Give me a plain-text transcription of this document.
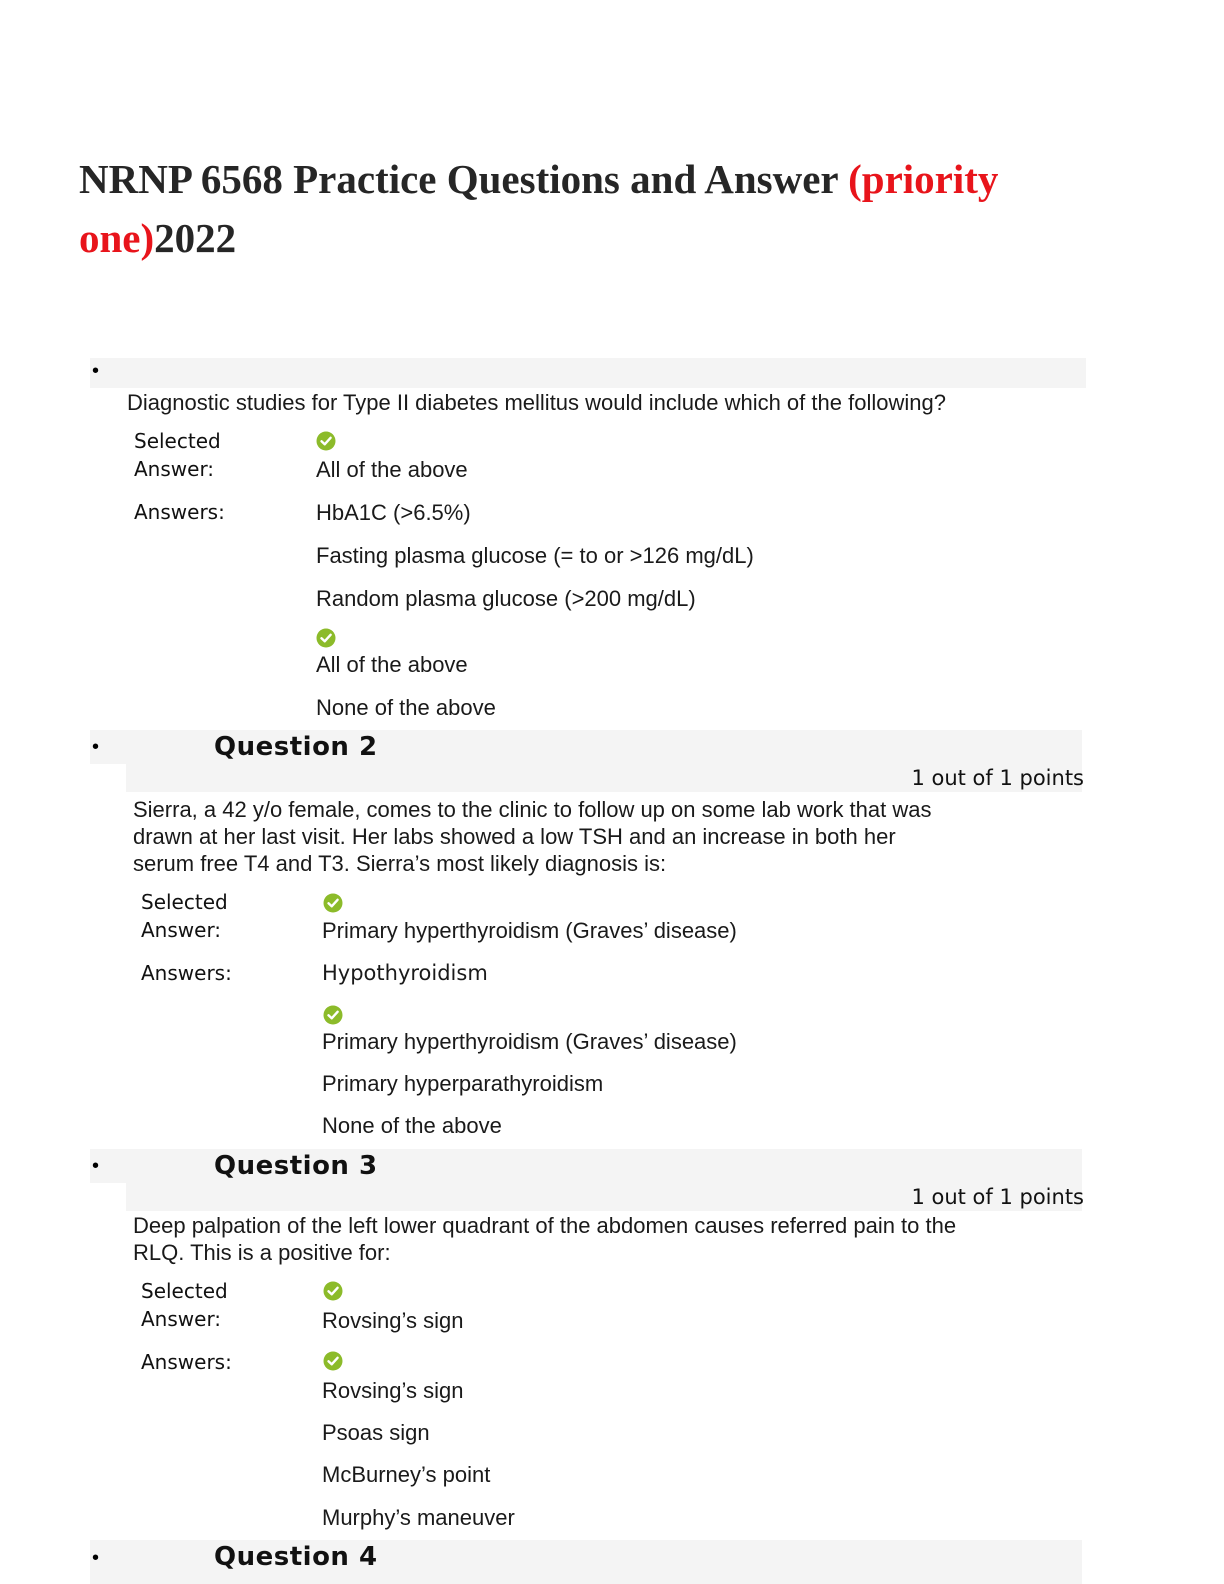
NRNP 6568 Practice Questions and Answer (priority
one)2022
•

Diagnostic studies for Type II diabetes mellitus would include which of the following?

Selected
Answer:	All of the above
Answers:	HbA1C (>6.5%)
Fasting plasma glucose (= to or >126 mg/dL)
Random plasma glucose (>200 mg/dL)
All of the above
None of the above
•	Question 2
1 out of 1 points

Sierra, a 42 y/o female, comes to the clinic to follow up on some lab work that was

drawn at her last visit. Her labs showed a low TSH and an increase in both her

serum free T4 and T3. Sierra’s most likely diagnosis is:

Selected
Answer:	Primary hyperthyroidism (Graves’ disease)
Answers:	Hypothyroidism
Primary hyperthyroidism (Graves’ disease)
Primary hyperparathyroidism
None of the above
•	Question 3
1 out of 1 points

Deep palpation of the left lower quadrant of the abdomen causes referred pain to the

RLQ. This is a positive for:

Selected
Answer:	Rovsing’s sign
Answers:
Rovsing’s sign
Psoas sign
McBurney’s point
Murphy’s maneuver
•	Question 4
